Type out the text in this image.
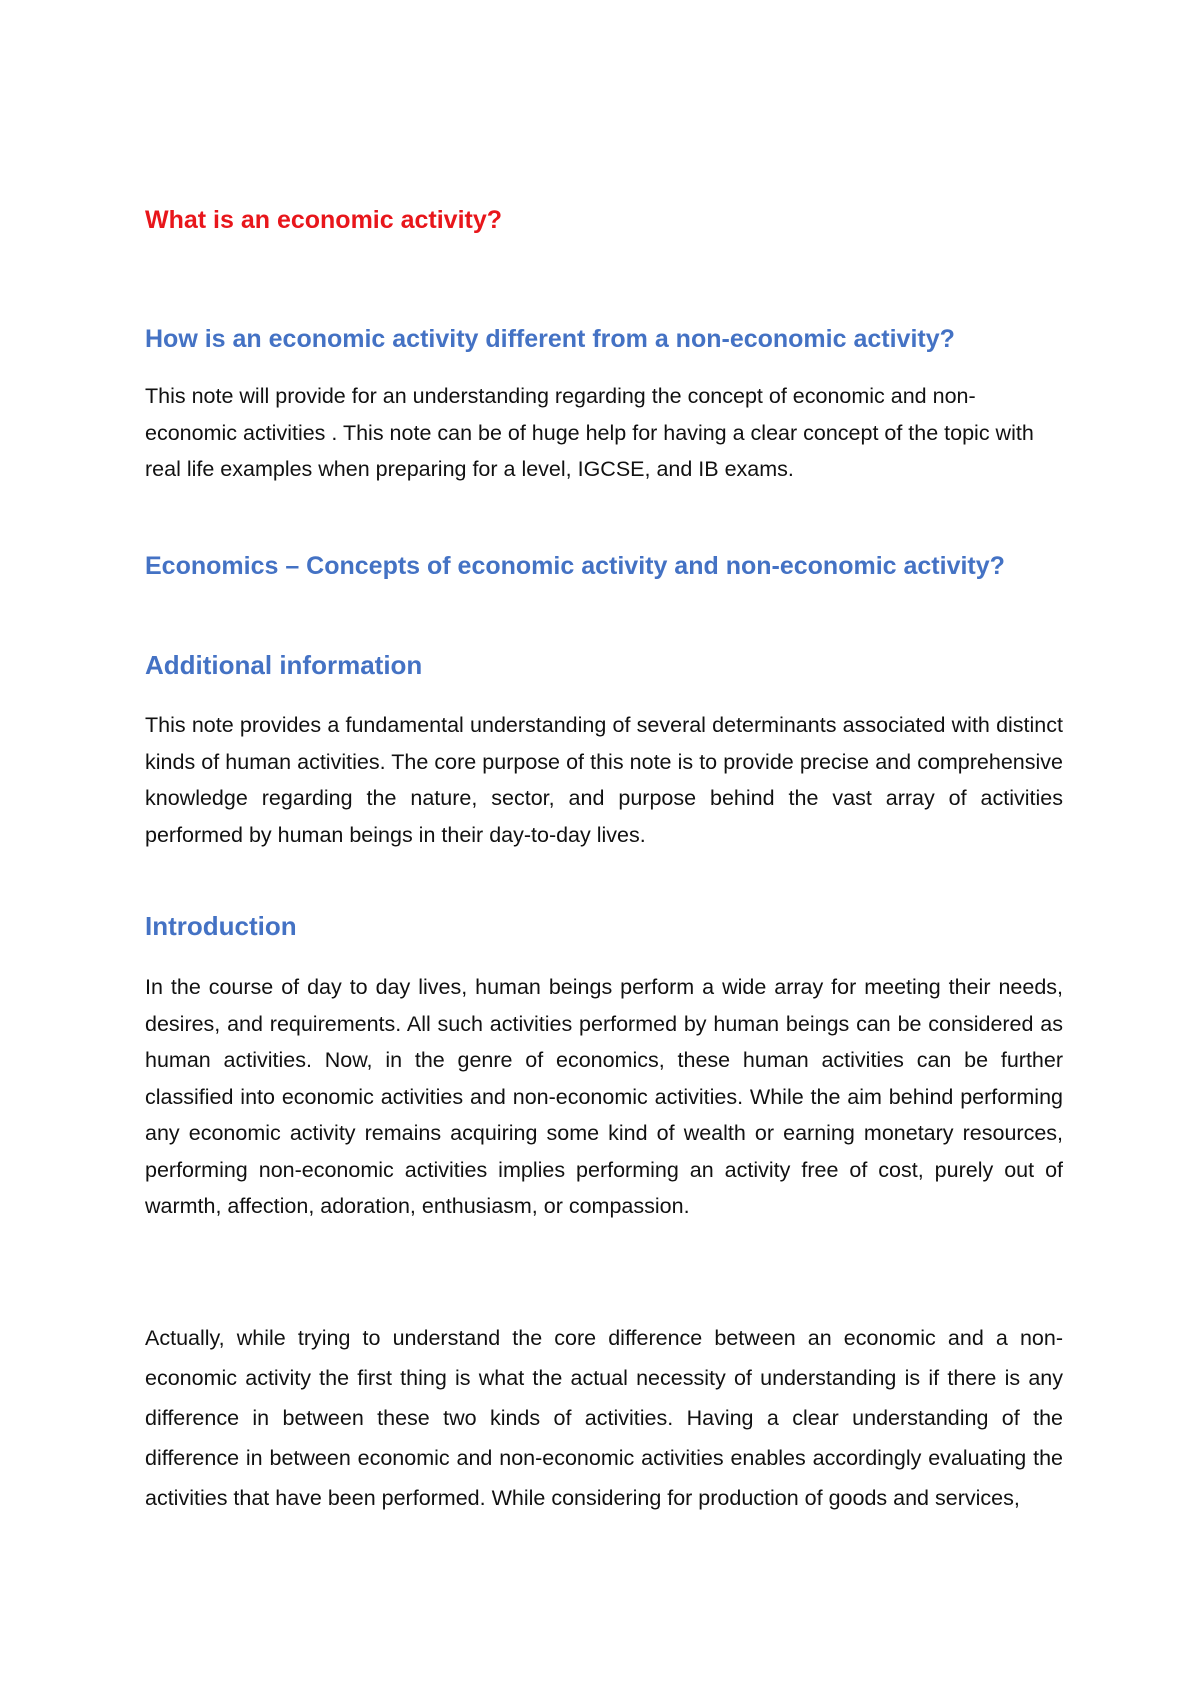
What is an economic activity?
How is an economic activity different from a non-economic activity?

This note will provide for an understanding regarding the concept of economic and non-economic activities . This note can be of huge help for having a clear concept of the topic with real life examples when preparing for a level, IGCSE, and IB exams.

Economics – Concepts of economic activity and non-economic activity?
Additional information

This note provides a fundamental understanding of several determinants associated with distinct kinds of human activities. The core purpose of this note is to provide precise and comprehensive knowledge regarding the nature, sector, and purpose behind the vast array of activities performed by human beings in their day-to-day lives.

Introduction

In the course of day to day lives, human beings perform a wide array for meeting their needs, desires, and requirements. All such activities performed by human beings can be considered as human activities. Now, in the genre of economics, these human activities can be further classified into economic activities and non-economic activities. While the aim behind performing any economic activity remains acquiring some kind of wealth or earning monetary resources, performing non-economic activities implies performing an activity free of cost, purely out of warmth, affection, adoration, enthusiasm, or compassion.

Actually, while trying to understand the core difference between an economic and a non-economic activity the first thing is what the actual necessity of understanding is if there is any difference in between these two kinds of activities. Having a clear understanding of the difference in between economic and non-economic activities enables accordingly evaluating the activities that have been performed. While considering for production of goods and services,
